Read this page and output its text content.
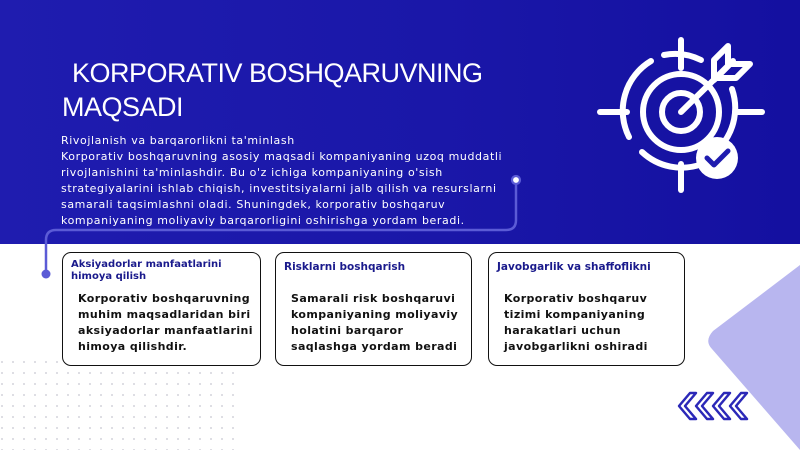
KORPORATIV BOSHQARUVNING
MAQSADI
Rivojlanish va barqarorlikni ta'minlash
Korporativ boshqaruvning asosiy maqsadi kompaniyaning uzoq muddatli
rivojlanishini ta'minlashdir. Bu o'z ichiga kompaniyaning o'sish
strategiyalarini ishlab chiqish, investitsiyalarni jalb qilish va resurslarni
samarali taqsimlashni oladi. Shuningdek, korporativ boshqaruv
kompaniyaning moliyaviy barqarorligini oshirishga yordam beradi.
Aksiyadorlar manfaatlarini
himoya qilish
Korporativ boshqaruvning
muhim maqsadlaridan biri
aksiyadorlar manfaatlarini
himoya qilishdir.
Risklarni boshqarish
Samarali risk boshqaruvi
kompaniyaning moliyaviy
holatini barqaror
saqlashga yordam beradi
Javobgarlik va shaffoflikni
Korporativ boshqaruv
tizimi kompaniyaning
harakatlari uchun
javobgarlikni oshiradi
